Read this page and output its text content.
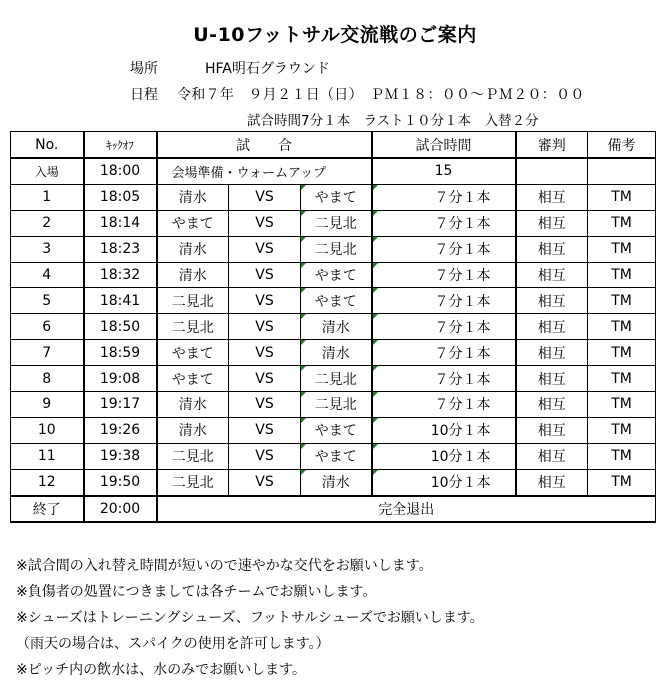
U-10フットサル交流戦のご案内
場所	HFA明石グラウンド
日程 令和７年　９月２１日（日）　ＰＭ１８：００～ＰＭ２０：００
試合時間7分１本　ラスト１０分１本　入替２分
No.	ｷｯｸｵﾌ	試　　合			試合時間	審判	備考
入場	18:00	会場準備・ウォームアップ			15		
1	18:05	清水	VS	やまて	７分１本	相互	TM
2	18:14	やまて	VS	二見北	７分１本	相互	TM
3	18:23	清水	VS	二見北	７分１本	相互	TM
4	18:32	清水	VS	やまて	７分１本	相互	TM
5	18:41	二見北	VS	やまて	７分１本	相互	TM
6	18:50	二見北	VS	清水	７分１本	相互	TM
7	18:59	やまて	VS	清水	７分１本	相互	TM
8	19:08	やまて	VS	二見北	７分１本	相互	TM
9	19:17	清水	VS	二見北	７分１本	相互	TM
10	19:26	清水	VS	やまて	10分１本	相互	TM
11	19:38	二見北	VS	やまて	10分１本	相互	TM
12	19:50	二見北	VS	清水	10分１本	相互	TM
終了	20:00	完全退出					
※試合間の入れ替え時間が短いので速やかな交代をお願いします。
※負傷者の処置につきましては各チームでお願いします。
※シューズはトレーニングシューズ、フットサルシューズでお願いします。
（雨天の場合は、スパイクの使用を許可します。）
※ピッチ内の飲水は、水のみでお願いします。
